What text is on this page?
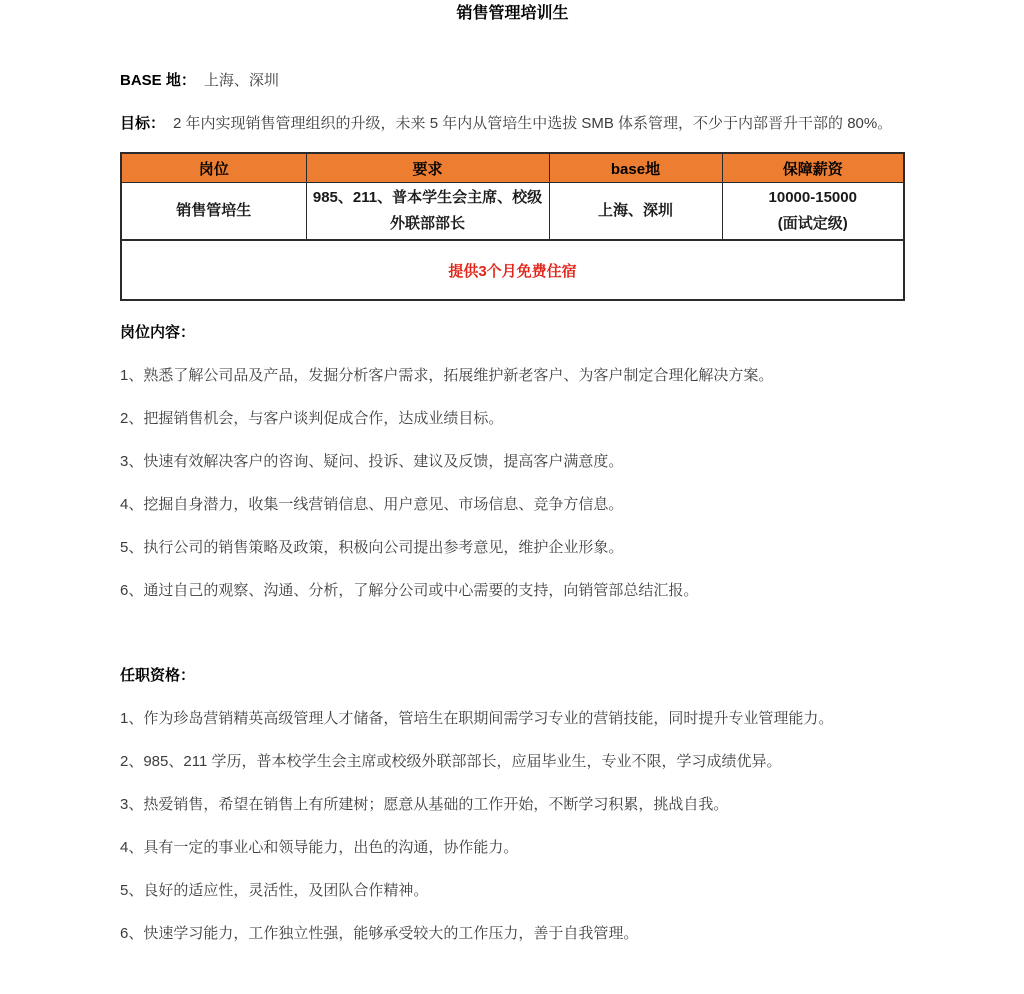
销售管理培训生

BASE 地： 上海、深圳

目标： 2 年内实现销售管理组织的升级，未来 5 年内从管培生中选拔 SMB 体系管理，不少于内部晋升干部的 80%。

岗位	要求	base地	保障薪资
销售管培生	985、211、普本学生会主席、校级外联部部长	上海、深圳	10000-15000
(面试定级)

提供3个月免费住宿			

岗位内容：

1、熟悉了解公司品及产品，发掘分析客户需求，拓展维护新老客户、为客户制定合理化解决方案。

2、把握销售机会，与客户谈判促成合作，达成业绩目标。

3、快速有效解决客户的咨询、疑问、投诉、建议及反馈，提高客户满意度。

4、挖掘自身潜力，收集一线营销信息、用户意见、市场信息、竞争方信息。

5、执行公司的销售策略及政策，积极向公司提出参考意见，维护企业形象。

6、通过自己的观察、沟通、分析，了解分公司或中心需要的支持，向销管部总结汇报。

任职资格：

1、作为珍岛营销精英高级管理人才储备，管培生在职期间需学习专业的营销技能，同时提升专业管理能力。

2、985、211 学历，普本校学生会主席或校级外联部部长，应届毕业生，专业不限，学习成绩优异。

3、热爱销售，希望在销售上有所建树；愿意从基础的工作开始，不断学习积累，挑战自我。

4、具有一定的事业心和领导能力，出色的沟通，协作能力。

5、良好的适应性，灵活性，及团队合作精神。

6、快速学习能力，工作独立性强，能够承受较大的工作压力，善于自我管理。
